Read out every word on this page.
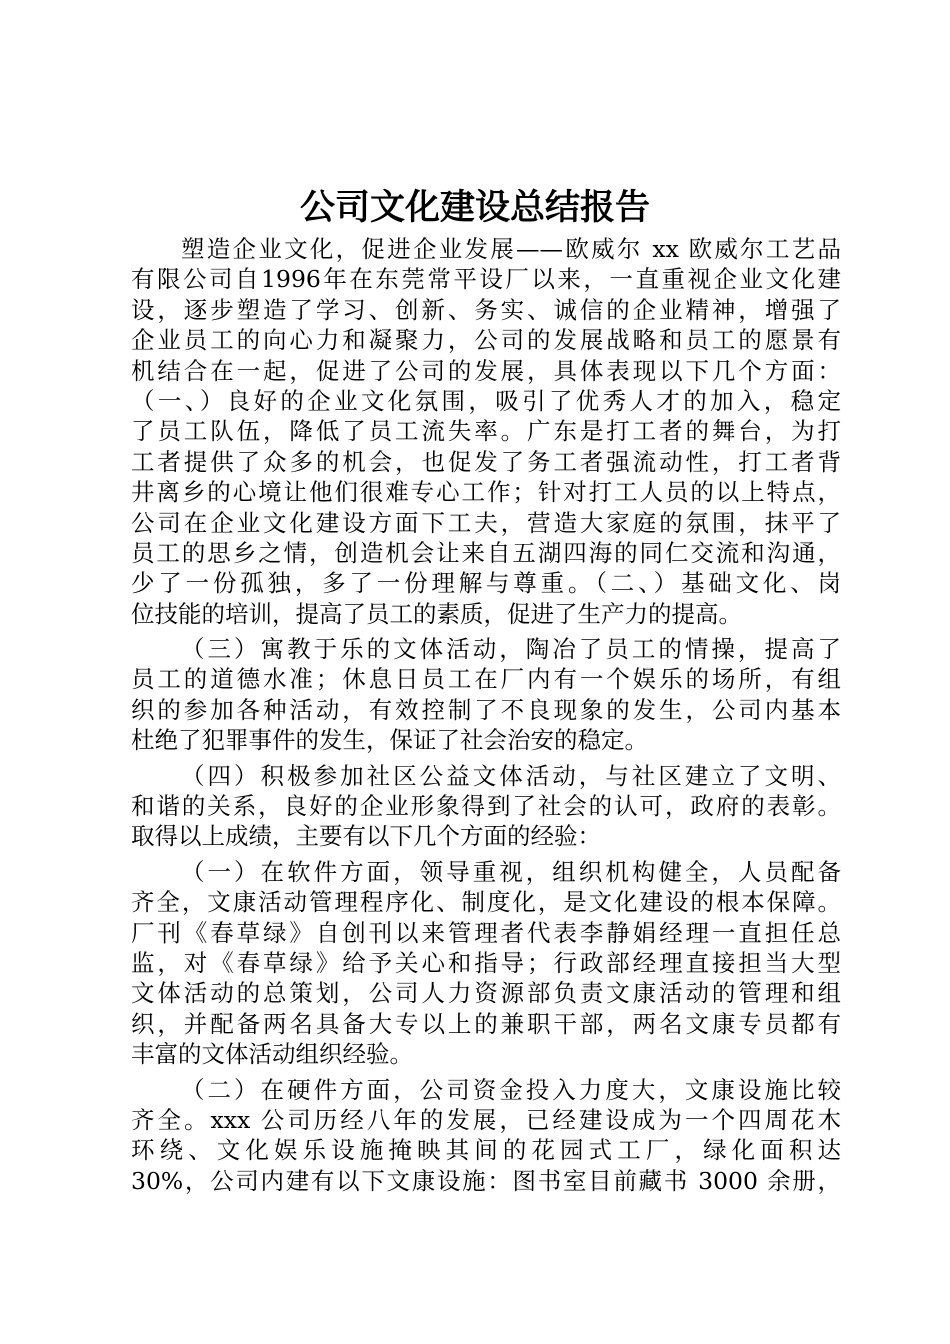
公司文化建设总结报告
塑造企业文化，促进企业发展——欧威尔 xx 欧威尔工艺品
有限公司自1996年在东莞常平设厂以来，一直重视企业文化建
设，逐步塑造了学习、创新、务实、诚信的企业精神，增强了
企业员工的向心力和凝聚力，公司的发展战略和员工的愿景有
机结合在一起，促进了公司的发展，具体表现以下几个方面：
（一、）良好的企业文化氛围，吸引了优秀人才的加入，稳定
了员工队伍，降低了员工流失率。广东是打工者的舞台，为打
工者提供了众多的机会，也促发了务工者强流动性，打工者背
井离乡的心境让他们很难专心工作；针对打工人员的以上特点，
公司在企业文化建设方面下工夫，营造大家庭的氛围，抹平了
员工的思乡之情，创造机会让来自五湖四海的同仁交流和沟通，
少了一份孤独，多了一份理解与尊重。（二、）基础文化、岗
位技能的培训，提高了员工的素质，促进了生产力的提高。
（三）寓教于乐的文体活动，陶冶了员工的情操，提高了
员工的道德水准；休息日员工在厂内有一个娱乐的场所，有组
织的参加各种活动，有效控制了不良现象的发生，公司内基本
杜绝了犯罪事件的发生，保证了社会治安的稳定。
（四）积极参加社区公益文体活动，与社区建立了文明、
和谐的关系，良好的企业形象得到了社会的认可，政府的表彰。
取得以上成绩，主要有以下几个方面的经验：
（一）在软件方面，领导重视，组织机构健全，人员配备
齐全，文康活动管理程序化、制度化，是文化建设的根本保障。
厂刊《春草绿》自创刊以来管理者代表李静娟经理一直担任总
监，对《春草绿》给予关心和指导；行政部经理直接担当大型
文体活动的总策划，公司人力资源部负责文康活动的管理和组
织，并配备两名具备大专以上的兼职干部，两名文康专员都有
丰富的文体活动组织经验。
（二）在硬件方面，公司资金投入力度大，文康设施比较
齐全。xxx 公司历经八年的发展，已经建设成为一个四周花木
环绕、文化娱乐设施掩映其间的花园式工厂，绿化面积达
30%，公司内建有以下文康设施：图书室目前藏书 3000 余册，
